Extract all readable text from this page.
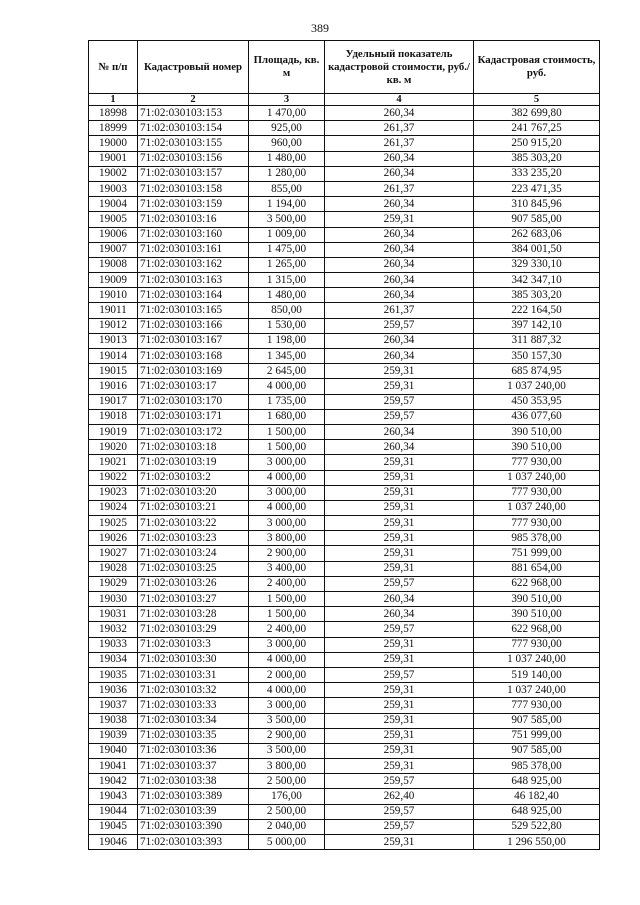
389
№ п/п	Кадастровый номер	Площадь, кв. м	Удельный показатель кадастровой стоимости, руб./кв. м	Кадастровая стоимость, руб.
1	2	3	4	5
18998	71:02:030103:153	1 470,00	260,34	382 699,80
18999	71:02:030103:154	925,00	261,37	241 767,25
19000	71:02:030103:155	960,00	261,37	250 915,20
19001	71:02:030103:156	1 480,00	260,34	385 303,20
19002	71:02:030103:157	1 280,00	260,34	333 235,20
19003	71:02:030103:158	855,00	261,37	223 471,35
19004	71:02:030103:159	1 194,00	260,34	310 845,96
19005	71:02:030103:16	3 500,00	259,31	907 585,00
19006	71:02:030103:160	1 009,00	260,34	262 683,06
19007	71:02:030103:161	1 475,00	260,34	384 001,50
19008	71:02:030103:162	1 265,00	260,34	329 330,10
19009	71:02:030103:163	1 315,00	260,34	342 347,10
19010	71:02:030103:164	1 480,00	260,34	385 303,20
19011	71:02:030103:165	850,00	261,37	222 164,50
19012	71:02:030103:166	1 530,00	259,57	397 142,10
19013	71:02:030103:167	1 198,00	260,34	311 887,32
19014	71:02:030103:168	1 345,00	260,34	350 157,30
19015	71:02:030103:169	2 645,00	259,31	685 874,95
19016	71:02:030103:17	4 000,00	259,31	1 037 240,00
19017	71:02:030103:170	1 735,00	259,57	450 353,95
19018	71:02:030103:171	1 680,00	259,57	436 077,60
19019	71:02:030103:172	1 500,00	260,34	390 510,00
19020	71:02:030103:18	1 500,00	260,34	390 510,00
19021	71:02:030103:19	3 000,00	259,31	777 930,00
19022	71:02:030103:2	4 000,00	259,31	1 037 240,00
19023	71:02:030103:20	3 000,00	259,31	777 930,00
19024	71:02:030103:21	4 000,00	259,31	1 037 240,00
19025	71:02:030103:22	3 000,00	259,31	777 930,00
19026	71:02:030103:23	3 800,00	259,31	985 378,00
19027	71:02:030103:24	2 900,00	259,31	751 999,00
19028	71:02:030103:25	3 400,00	259,31	881 654,00
19029	71:02:030103:26	2 400,00	259,57	622 968,00
19030	71:02:030103:27	1 500,00	260,34	390 510,00
19031	71:02:030103:28	1 500,00	260,34	390 510,00
19032	71:02:030103:29	2 400,00	259,57	622 968,00
19033	71:02:030103:3	3 000,00	259,31	777 930,00
19034	71:02:030103:30	4 000,00	259,31	1 037 240,00
19035	71:02:030103:31	2 000,00	259,57	519 140,00
19036	71:02:030103:32	4 000,00	259,31	1 037 240,00
19037	71:02:030103:33	3 000,00	259,31	777 930,00
19038	71:02:030103:34	3 500,00	259,31	907 585,00
19039	71:02:030103:35	2 900,00	259,31	751 999,00
19040	71:02:030103:36	3 500,00	259,31	907 585,00
19041	71:02:030103:37	3 800,00	259,31	985 378,00
19042	71:02:030103:38	2 500,00	259,57	648 925,00
19043	71:02:030103:389	176,00	262,40	46 182,40
19044	71:02:030103:39	2 500,00	259,57	648 925,00
19045	71:02:030103:390	2 040,00	259,57	529 522,80
19046	71:02:030103:393	5 000,00	259,31	1 296 550,00
